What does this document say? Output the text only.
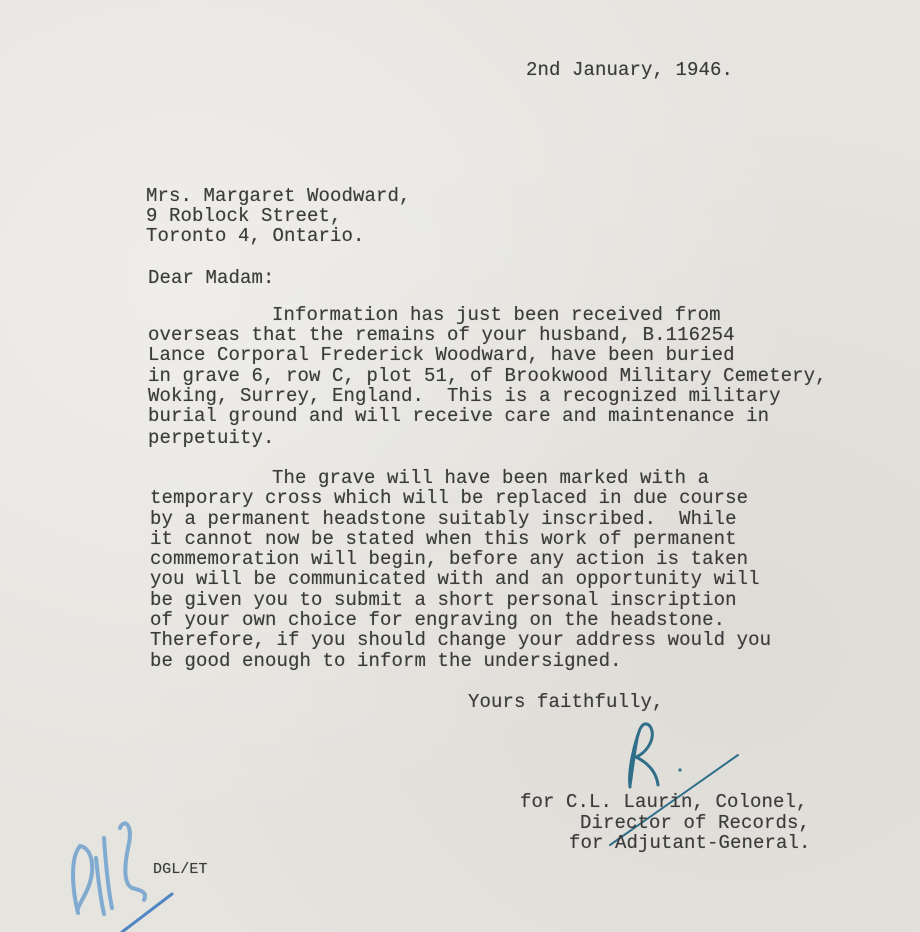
2nd January, 1946.
Mrs. Margaret Woodward,
9 Roblock Street,
Toronto 4, Ontario.
Dear Madam:
Information has just been received from
overseas that the remains of your husband, B.116254
Lance Corporal Frederick Woodward, have been buried
in grave 6, row C, plot 51, of Brookwood Military Cemetery,
Woking, Surrey, England.  This is a recognized military
burial ground and will receive care and maintenance in
perpetuity.
The grave will have been marked with a
temporary cross which will be replaced in due course
by a permanent headstone suitably inscribed.  While
it cannot now be stated when this work of permanent
commemoration will begin, before any action is taken
you will be communicated with and an opportunity will
be given you to submit a short personal inscription
of your own choice for engraving on the headstone.
Therefore, if you should change your address would you
be good enough to inform the undersigned.
Yours faithfully,
for C.L. Laurin, Colonel,
Director of Records,
for Adjutant-General.
DGL/ET
